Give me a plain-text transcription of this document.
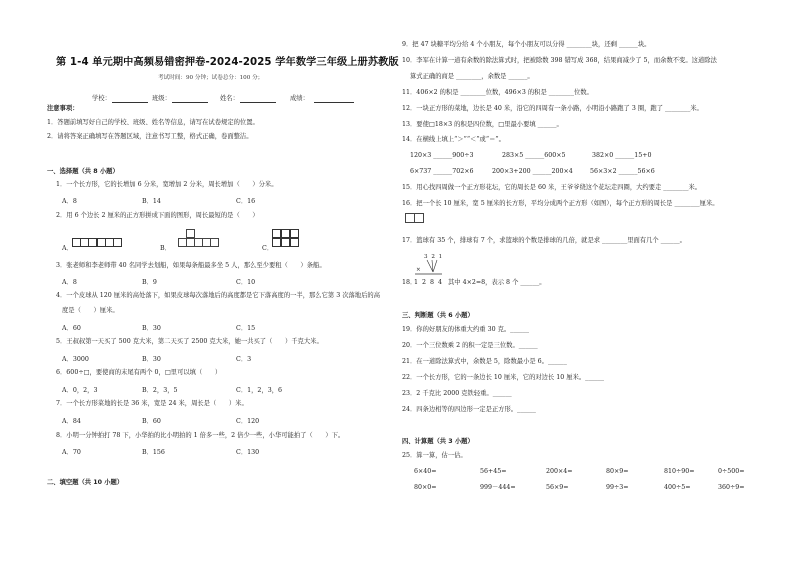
第 1-4 单元期中高频易错密押卷-2024-2025 学年数学三年级上册苏教版
考试时间：90 分钟；试卷总分：100 分；
学校：	班级：	姓名：	成绩：
注意事项：
1．答题前填写好自己的学校、班级、姓名等信息，请写在试卷规定的位置。
2．请将答案正确填写在答题区域，注意书写工整，格式正确，卷面整洁。
一、选择题（共 8 小题）
1．一个长方形，它的长增加 6 分米，宽增加 2 分米，周长增加（　　）分米。
A．8	B．14	C．16
2．用 6 个边长 2 厘米的正方形拼成下面的图形，周长最短的是（　　）
A．	B．	C．
3．张老师和李老师带 40 名同学去划船，如果每条船最多坐 5 人，那么至少要租（　　）条船。
A．8	B．9	C．10
4．一个皮球从 120 厘米的高处落下，如果皮球每次落地后的高度都是它下落高度的一半，那么它第 3 次落地后的高
度是（　　）厘米。
A．60	B．30	C．15
5．王叔叔第一天买了 500 克大米，第二天买了 2500 克大米，她一共买了（　　）千克大米。
A．3000	B．30	C．3
6．600÷□，要使商的末尾有两个 0，□里可以填（　　）
A．0，2，3	B．2，3，5	C．1，2，3，6
7．一个长方形菜地的长是 36 米，宽是 24 米，周长是（　　）米。
A．84	B．60	C．120
8．小明一分钟拍打 78 下，小华拍的比小明拍的 1 倍多一些，2 倍少一些，小华可能拍了（　　）下。
A．70	B．156	C．130
二、填空题（共 10 小题）
9．把 47 块糖平均分给 4 个小朋友，每个小朋友可以分得 ________块，还剩 ______块。
10．李军在计算一道有余数的除法算式时，把被除数 398 错写成 368，结果商减少了 5，而余数不变。这道除法
算式正确的商是 ________，余数是 ______。
11．406×2 的积是 ________位数，496×3 的积是 ________位数。
12．一块正方形的菜地，边长是 40 米，沿它的四周有一条小路，小明沿小路跑了 3 圈，跑了 ________米。
13．要使□18×3 的积是四位数，□里最小要填 ______。
14．在横线上填上“＞”“＜”或“＝”。
120×3 ______900÷3	283×5 ______600×5	382×0 ______15+0
6×737 ______702×6	200×3+200 ______200×4	56×3×2 ______56×6
15．用心找四周做一个正方形花坛，它的周长是 60 米，王爷爷绕这个花坛走四圈，大约要走 ________米。
16．把一个长 10 厘米，宽 5 厘米的长方形，平均分成两个正方形（如图），每个正方形的周长是 ________厘米。
17．篮球有 35 个，排球有 7 个，求篮球的个数是排球的几倍，就是求 ________里面有几个 ______。
3 2 1
×
18．
1 2 8 4 其中 4×2=8，表示 8 个 ______。
三、判断题（共 6 小题）
19．你的好朋友的体重大约重 30 克。______
20．一个三位数乘 2 的积一定是三位数。______
21．在一道除法算式中，余数是 5，除数最小是 6。______
22．一个长方形，它的一条边长 10 厘米，它的对边长 10 厘米。______
23．2 千克比 2000 克铁轻重。______
24．四条边相等的四边形一定是正方形。______
四、计算题（共 3 小题）
25．算一算，估一估。
6×40=	56+45=	200×4=	80×9=	810÷90=	0÷500=
80×0=	999－444=	56×9=	99÷3=	400÷5=	360÷9=
